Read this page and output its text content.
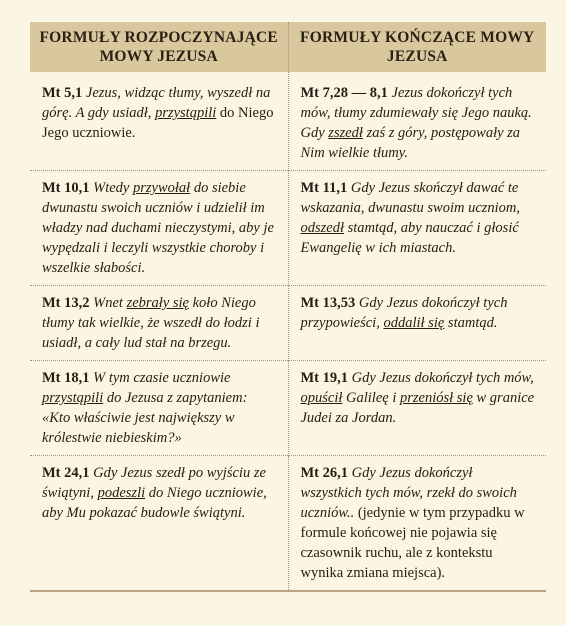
FORMUŁY ROZPOCZYNAJĄCE MOWY JEZUSA	FORMUŁY KOŃCZĄCE MOWY JEZUSA
Mt 5,1 Jezus, widząc tłumy, wyszedł na górę. A gdy usiadł, przystąpili do Niego Jego uczniowie.	Mt 7,28 — 8,1 Jezus dokończył tych mów, tłumy zdumiewały się Jego nauką. Gdy zszedł zaś z góry, postępowały za Nim wielkie tłumy.
Mt 10,1 Wtedy przywołał do siebie dwunastu swoich uczniów i udzielił im władzy nad duchami nieczystymi, aby je wypędzali i leczyli wszystkie choroby i wszelkie słabości.	Mt 11,1 Gdy Jezus skończył dawać te wskazania, dwunastu swoim uczniom, odszedł stamtąd, aby nauczać i głosić Ewangelię w ich miastach.
Mt 13,2 Wnet zebrały się koło Niego tłumy tak wielkie, że wszedł do łodzi i usiadł, a cały lud stał na brzegu.	Mt 13,53 Gdy Jezus dokończył tych przypowieści, oddalił się stamtąd.
Mt 18,1 W tym czasie uczniowie przystąpili do Jezusa z zapytaniem: «Kto właściwie jest największy w królestwie niebieskim?»	Mt 19,1 Gdy Jezus dokończył tych mów, opuścił Galileę i przeniósł się w granice Judei za Jordan.
Mt 24,1 Gdy Jezus szedł po wyjściu ze świątyni, podeszli do Niego uczniowie, aby Mu pokazać budowle świątyni.	Mt 26,1 Gdy Jezus dokończył wszystkich tych mów, rzekł do swoich uczniów.. (jedynie w tym przypadku w formule końcowej nie pojawia się czasownik ruchu, ale z kontekstu wynika zmiana miejsca).
